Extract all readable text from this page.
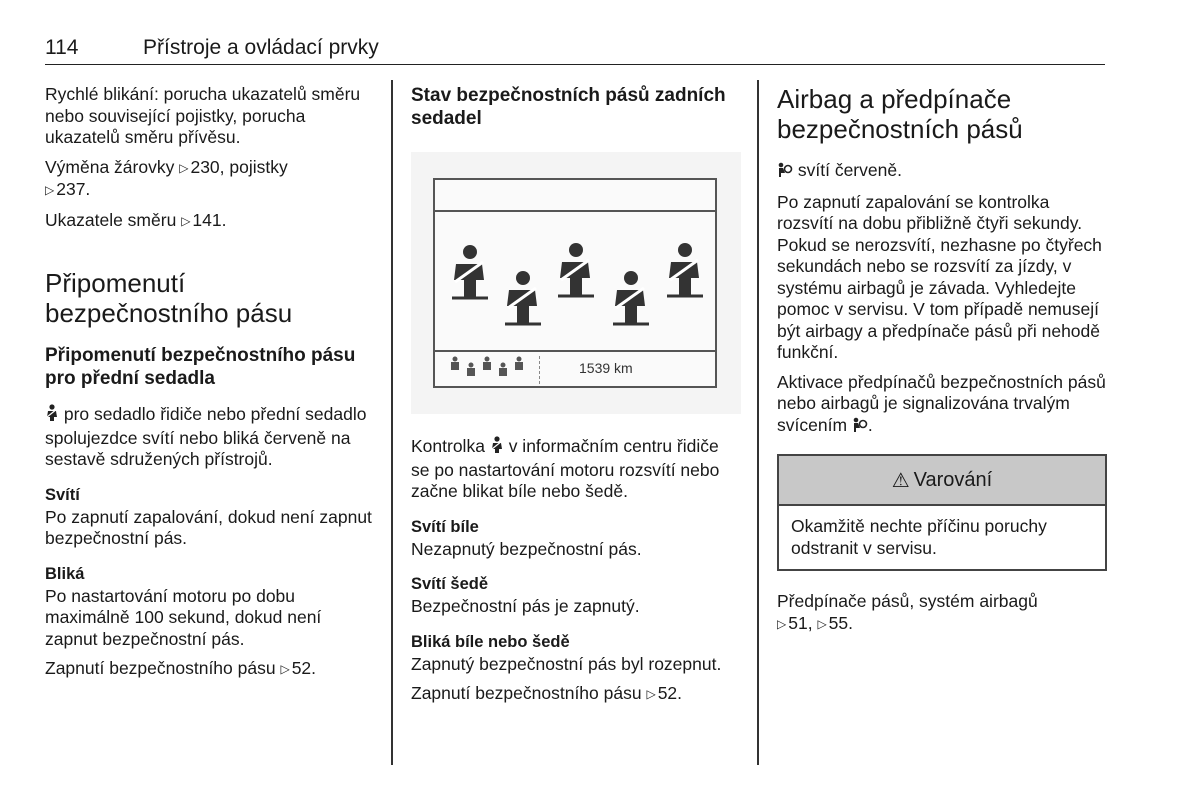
114	Přístroje a ovládací prvky

Rychlé blikání: porucha ukazatelů směru nebo související pojistky, porucha ukazatelů směru přívěsu.

Výměna žárovky ▷ 230, pojistky
▷ 237.

Ukazatele směru ▷ 141.

Připomenutí bezpečnostního pásu
Připomenutí bezpečnostního pásu pro přední sedadla

pro sedadlo řidiče nebo přední sedadlo spolujezdce svítí nebo bliká červeně na sestavě sdružených přístrojů.

Svítí

Po zapnutí zapalování, dokud není zapnut bezpečnostní pás.

Bliká

Po nastartování motoru po dobu maximálně 100 sekund, dokud není zapnut bezpečnostní pás.

Zapnutí bezpečnostního pásu ▷ 52.

Stav bezpečnostních pásů zadních sedadel
1539 km

Kontrolka v informačním centru řidiče se po nastartování motoru rozsvítí nebo začne blikat bíle nebo šedě.

Svítí bíle

Nezapnutý bezpečnostní pás.

Svítí šedě

Bezpečnostní pás je zapnutý.

Bliká bíle nebo šedě

Zapnutý bezpečnostní pás byl rozepnut.

Zapnutí bezpečnostního pásu ▷ 52.

Airbag a předpínače bezpečnostních pásů

svítí červeně.

Po zapnutí zapalování se kontrolka rozsvítí na dobu přibližně čtyři sekundy. Pokud se nerozsvítí, nezhasne po čtyřech sekundách nebo se rozsvítí za jízdy, v systému airbagů je závada. Vyhledejte pomoc v servisu. V tom případě nemusejí být airbagy a předpínače pásů při nehodě funkční.

Aktivace předpínačů bezpečnostních pásů nebo airbagů je signalizována trvalým svícením .

⚠ Varování
Okamžitě nechte příčinu poruchy odstranit v servisu.

Předpínače pásů, systém airbagů
▷ 51, ▷ 55.
